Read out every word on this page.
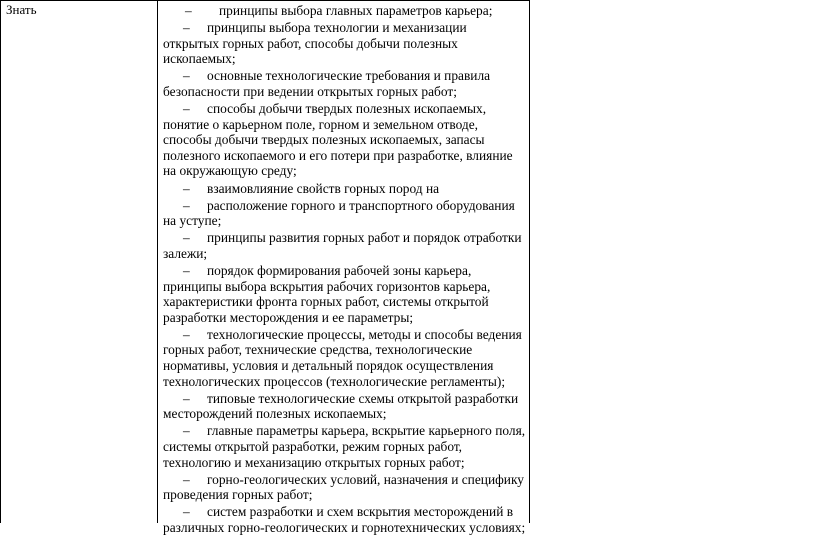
Знать	– принципы выбора главных параметров карьера;
– принципы выбора технологии и механизации открытых горных работ, способы добычи полезных ископаемых;
– основные технологические требования и правила безопасности при ведении открытых горных работ;
– способы добычи твердых полезных ископаемых, понятие о карьерном поле, горном и земельном отводе, способы добычи твердых полезных ископаемых, запасы полезного ископаемого и его потери при разработке, влияние на окружающую среду;
– взаимовлияние свойств горных пород на
– расположение горного и транспортного оборудования на уступе;
– принципы развития горных работ и порядок отработки залежи;
– порядок формирования рабочей зоны карьера, принципы выбора вскрытия рабочих горизонтов карьера, характеристики фронта горных работ, системы открытой разработки месторождения и ее параметры;
– технологические процессы, методы и способы ведения горных работ, технические средства, технологические нормативы, условия и детальный порядок осуществления технологических процессов (технологические регламенты);
– типовые технологические схемы открытой разработки месторождений полезных ископаемых;
– главные параметры карьера, вскрытие карьерного поля, системы открытой разработки, режим горных работ, технологию и механизацию открытых горных работ;
– горно-геологических условий, назначения и специфику проведения горных работ;
– систем разработки и схем вскрытия месторождений в различных горно-геологических и горнотехнических условиях;
